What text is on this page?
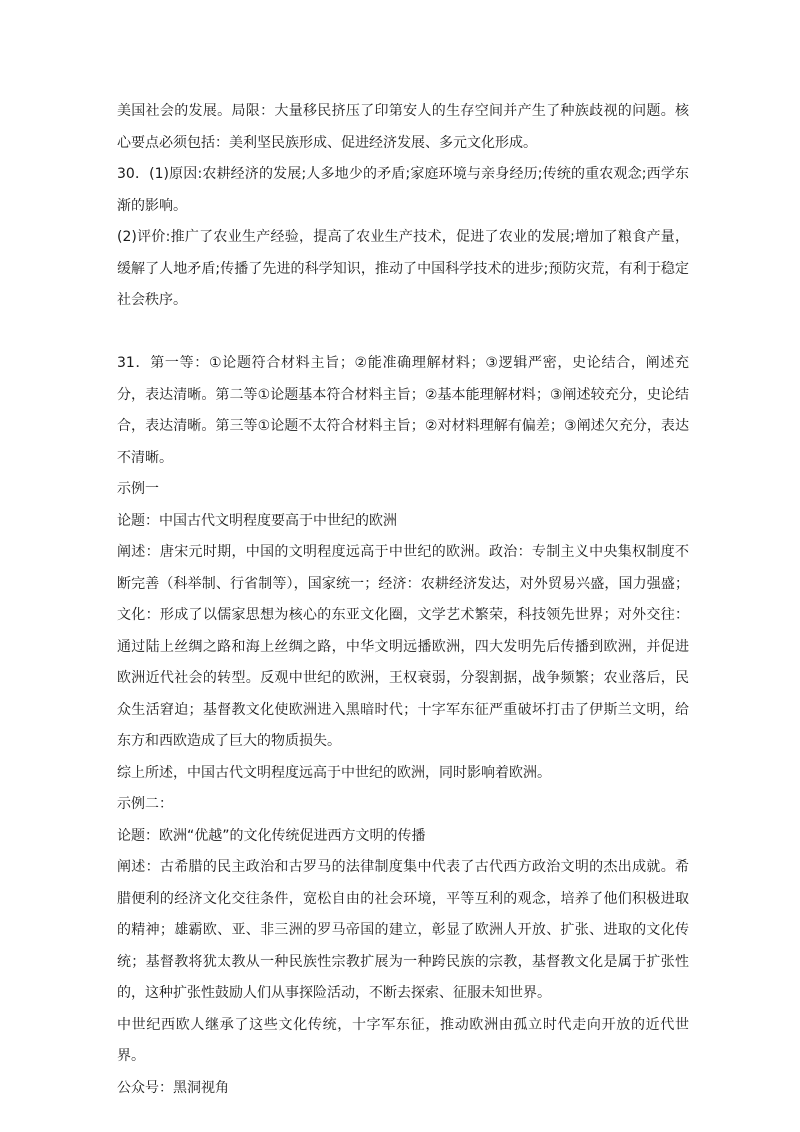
美国社会的发展。局限：大量移民挤压了印第安人的生存空间并产生了种族歧视的问题。核心要点必须包括：美利坚民族形成、促进经济发展、多元文化形成。

30．(1)原因:农耕经济的发展;人多地少的矛盾;家庭环境与亲身经历;传统的重农观念;西学东渐的影响。

(2)评价:推广了农业生产经验，提高了农业生产技术，促进了农业的发展;增加了粮食产量，缓解了人地矛盾;传播了先进的科学知识，推动了中国科学技术的进步;预防灾荒，有利于稳定社会秩序。

31．第一等：①论题符合材料主旨；②能准确理解材料；③逻辑严密，史论结合，阐述充分，表达清晰。第二等①论题基本符合材料主旨；②基本能理解材料；③阐述较充分，史论结合，表达清晰。第三等①论题不太符合材料主旨；②对材料理解有偏差；③阐述欠充分，表达不清晰。

示例一

论题：中国古代文明程度要高于中世纪的欧洲

阐述：唐宋元时期，中国的文明程度远高于中世纪的欧洲。政治：专制主义中央集权制度不断完善（科举制、行省制等），国家统一；经济：农耕经济发达，对外贸易兴盛，国力强盛；文化：形成了以儒家思想为核心的东亚文化圈，文学艺术繁荣，科技领先世界；对外交往：通过陆上丝绸之路和海上丝绸之路，中华文明远播欧洲，四大发明先后传播到欧洲，并促进欧洲近代社会的转型。反观中世纪的欧洲，王权衰弱，分裂割据，战争频繁；农业落后，民众生活窘迫；基督教文化使欧洲进入黑暗时代；十字军东征严重破坏打击了伊斯兰文明，给东方和西欧造成了巨大的物质损失。

综上所述，中国古代文明程度远高于中世纪的欧洲，同时影响着欧洲。

示例二：

论题：欧洲“优越”的文化传统促进西方文明的传播

阐述：古希腊的民主政治和古罗马的法律制度集中代表了古代西方政治文明的杰出成就。希腊便利的经济文化交往条件，宽松自由的社会环境，平等互利的观念，培养了他们积极进取的精神；雄霸欧、亚、非三洲的罗马帝国的建立，彰显了欧洲人开放、扩张、进取的文化传统；基督教将犹太教从一种民族性宗教扩展为一种跨民族的宗教，基督教文化是属于扩张性的，这种扩张性鼓励人们从事探险活动，不断去探索、征服未知世界。

中世纪西欧人继承了这些文化传统，十字军东征，推动欧洲由孤立时代走向开放的近代世界。

公众号：黑洞视角
